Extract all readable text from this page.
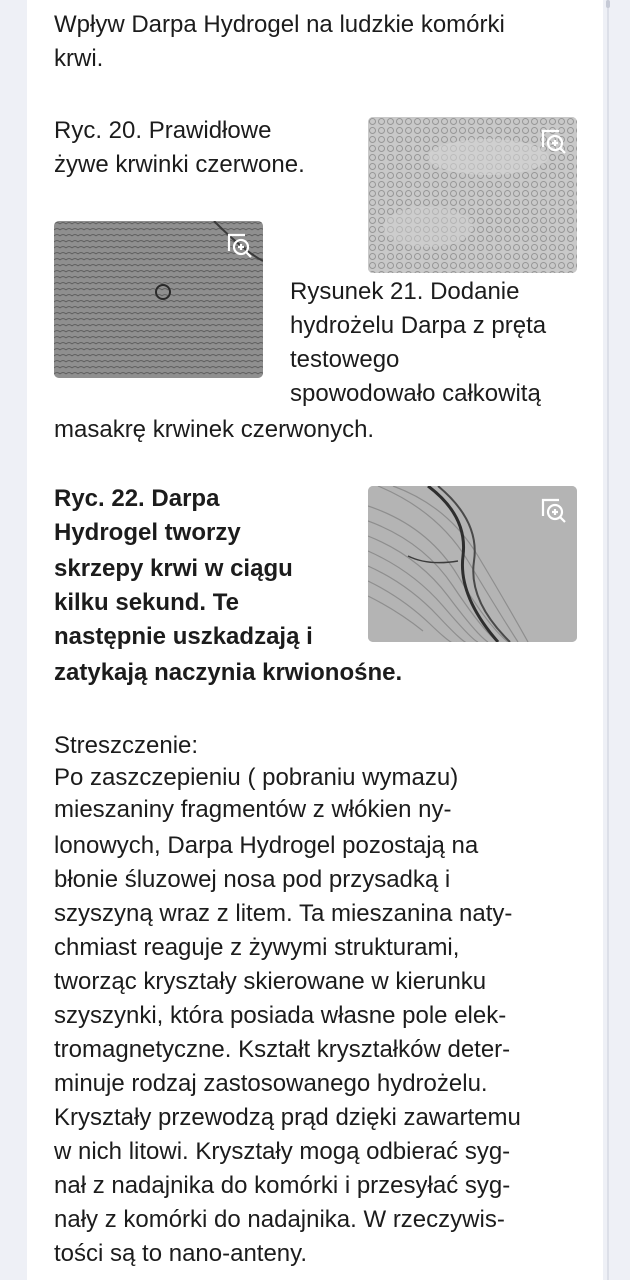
Wpływ Darpa Hydrogel na ludzkie komórki

krwi.

Ryc. 20. Prawidłowe

żywe krwinki czerwone.

Rysunek 21. Dodanie

hydrożelu Darpa z pręta

testowego

spowodowało całkowitą

masakrę krwinek czerwonych.

Ryc. 22. Darpa

Hydrogel tworzy

skrzepy krwi w ciągu

kilku sekund. Te

następnie uszkadzają i

zatykają naczynia krwionośne.

Streszczenie:

Po zaszczepieniu ( pobraniu wymazu)

mieszaniny fragmentów z włókien ny-

lonowych, Darpa Hydrogel pozostają na

błonie śluzowej nosa pod przysadką i

szyszyną wraz z litem. Ta mieszanina naty-

chmiast reaguje z żywymi strukturami,

tworząc kryształy skierowane w kierunku

szyszynki, która posiada własne pole elek-

tromagnetyczne. Kształt kryształków deter-

minuje rodzaj zastosowanego hydrożelu.

Kryształy przewodzą prąd dzięki zawartemu

w nich litowi. Kryształy mogą odbierać syg-

nał z nadajnika do komórki i przesyłać syg-

nały z komórki do nadajnika. W rzeczywis-

tości są to nano-anteny.
